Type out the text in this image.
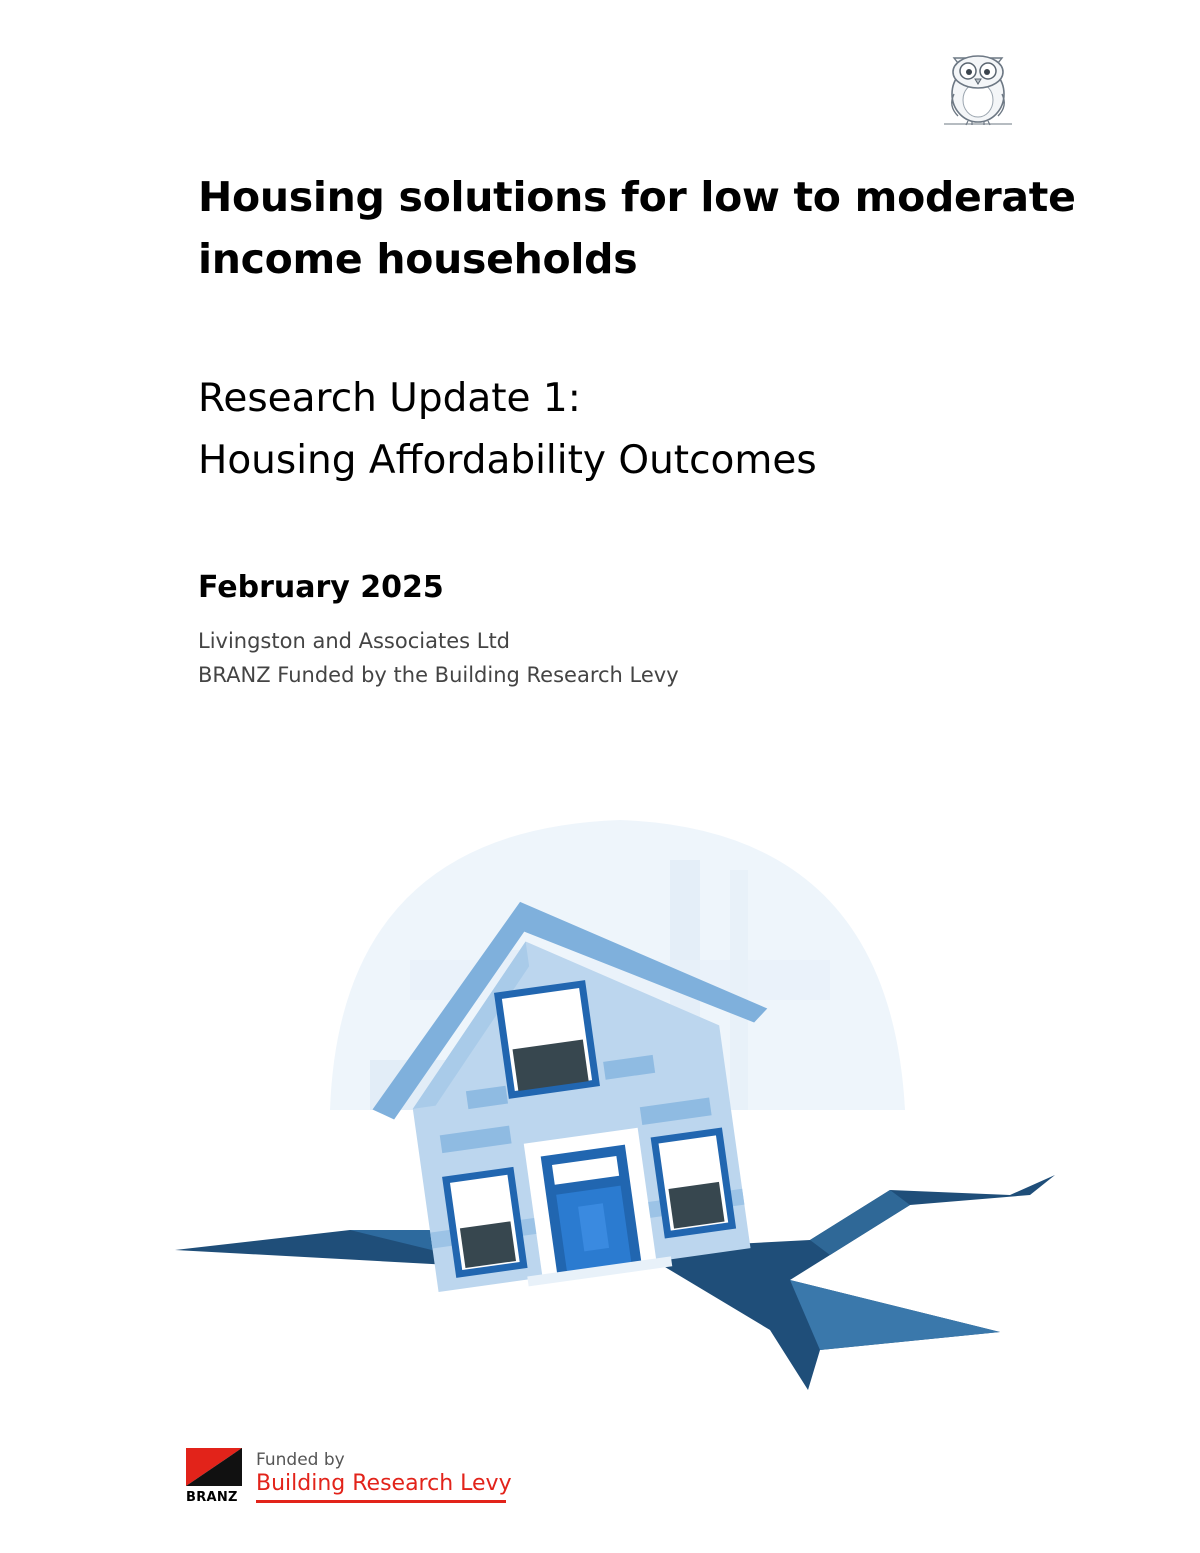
Housing solutions for low to moderate
income households
Research Update 1:
Housing Affordability Outcomes
February 2025
Livingston and Associates Ltd
BRANZ Funded by the Building Research Levy
BRANZ
Funded by
Building Research Levy
